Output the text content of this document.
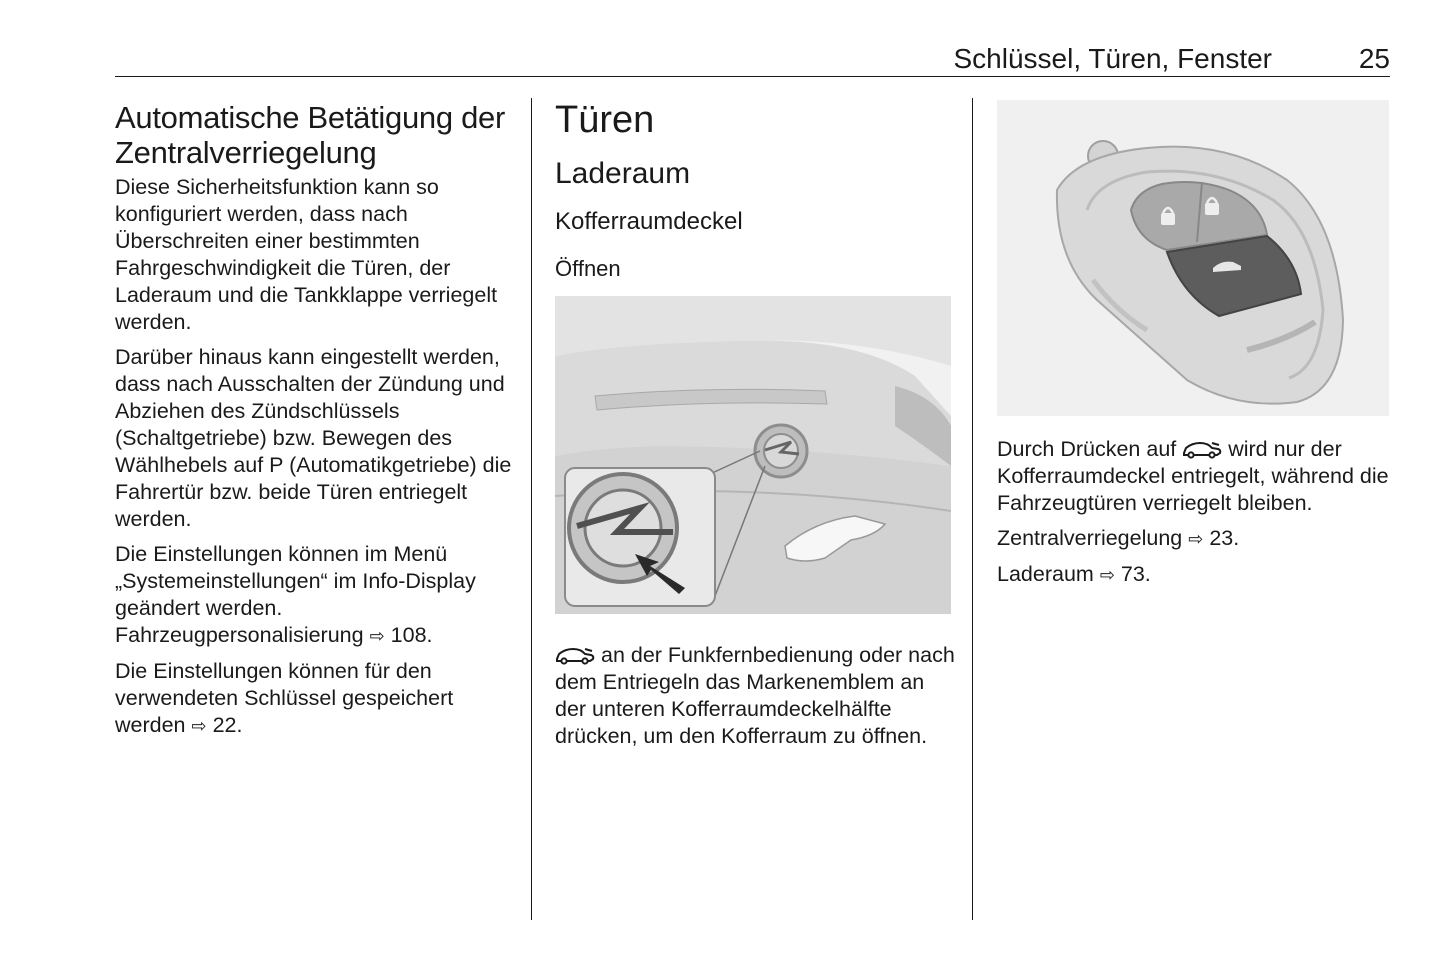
Schlüssel, Türen, Fenster	25
Automatische Betätigung der Zentralverriegelung

Diese Sicherheitsfunktion kann so konfiguriert werden, dass nach Überschreiten einer bestimmten Fahrgeschwindigkeit die Türen, der Laderaum und die Tankklappe verriegelt werden.

Darüber hinaus kann eingestellt werden, dass nach Ausschalten der Zündung und Abziehen des Zündschlüssels (Schaltgetriebe) bzw. Bewegen des Wählhebels auf P (Automatikgetriebe) die Fahrertür bzw. beide Türen entriegelt werden.

Die Einstellungen können im Menü „Systemeinstellungen“ im Info-Display geändert werden. Fahrzeugpersonalisierung ⇨ 108.

Die Einstellungen können für den verwendeten Schlüssel gespeichert werden ⇨ 22.

Türen
Laderaum
Kofferraumdeckel
Öffnen

an der Funkfernbedienung oder nach dem Entriegeln das Markenemblem an der unteren Kofferraumdeckelhälfte drücken, um den Kofferraum zu öffnen.

Durch Drücken auf wird nur der Kofferraumdeckel entriegelt, während die Fahrzeugtüren verriegelt bleiben.

Zentralverriegelung ⇨ 23.

Laderaum ⇨ 73.
